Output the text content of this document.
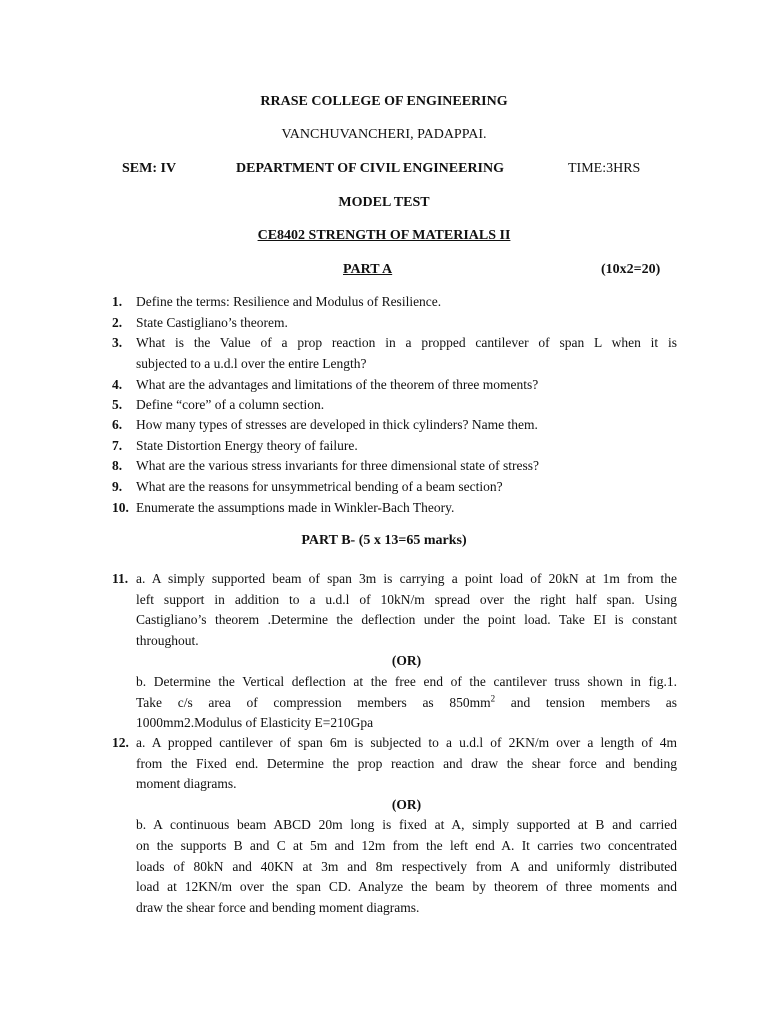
RRASE COLLEGE OF ENGINEERING
VANCHUVANCHERI, PADAPPAI.
SEM: IV	DEPARTMENT OF CIVIL ENGINEERING	TIME:3HRS
MODEL TEST
CE8402 STRENGTH OF MATERIALS II
PART A	(10x2=20)
1. Define the terms: Resilience and Modulus of Resilience.
2. State Castigliano’s theorem.
3. What is the Value of a prop reaction in a propped cantilever of span L when it is
subjected to a u.d.l over the entire Length?
4. What are the advantages and limitations of the theorem of three moments?
5. Define “core” of a column section.
6. How many types of stresses are developed in thick cylinders? Name them.
7. State Distortion Energy theory of failure.
8. What are the various stress invariants for three dimensional state of stress?
9. What are the reasons for unsymmetrical bending of a beam section?
10. Enumerate the assumptions made in Winkler-Bach Theory.
PART B- (5 x 13=65 marks)
11. a. A simply supported beam of span 3m is carrying a point load of 20kN at 1m from the
left support in addition to a u.d.l of 10kN/m spread over the right half span. Using
Castigliano’s theorem .Determine the deflection under the point load. Take EI is constant
throughout.
(OR)
b. Determine the Vertical deflection at the free end of the cantilever truss shown in fig.1.
Take c/s area of compression members as $850mm^2$ and tension members as
1000mm2.Modulus of Elasticity E=210Gpa
12. a. A propped cantilever of span 6m is subjected to a u.d.l of 2KN/m over a length of 4m
from the Fixed end. Determine the prop reaction and draw the shear force and bending
moment diagrams.
(OR)
b. A continuous beam ABCD 20m long is fixed at A, simply supported at B and carried
on the supports B and C at 5m and 12m from the left end A. It carries two concentrated
loads of 80kN and 40KN at 3m and 8m respectively from A and uniformly distributed
load at 12KN/m over the span CD. Analyze the beam by theorem of three moments and
draw the shear force and bending moment diagrams.
